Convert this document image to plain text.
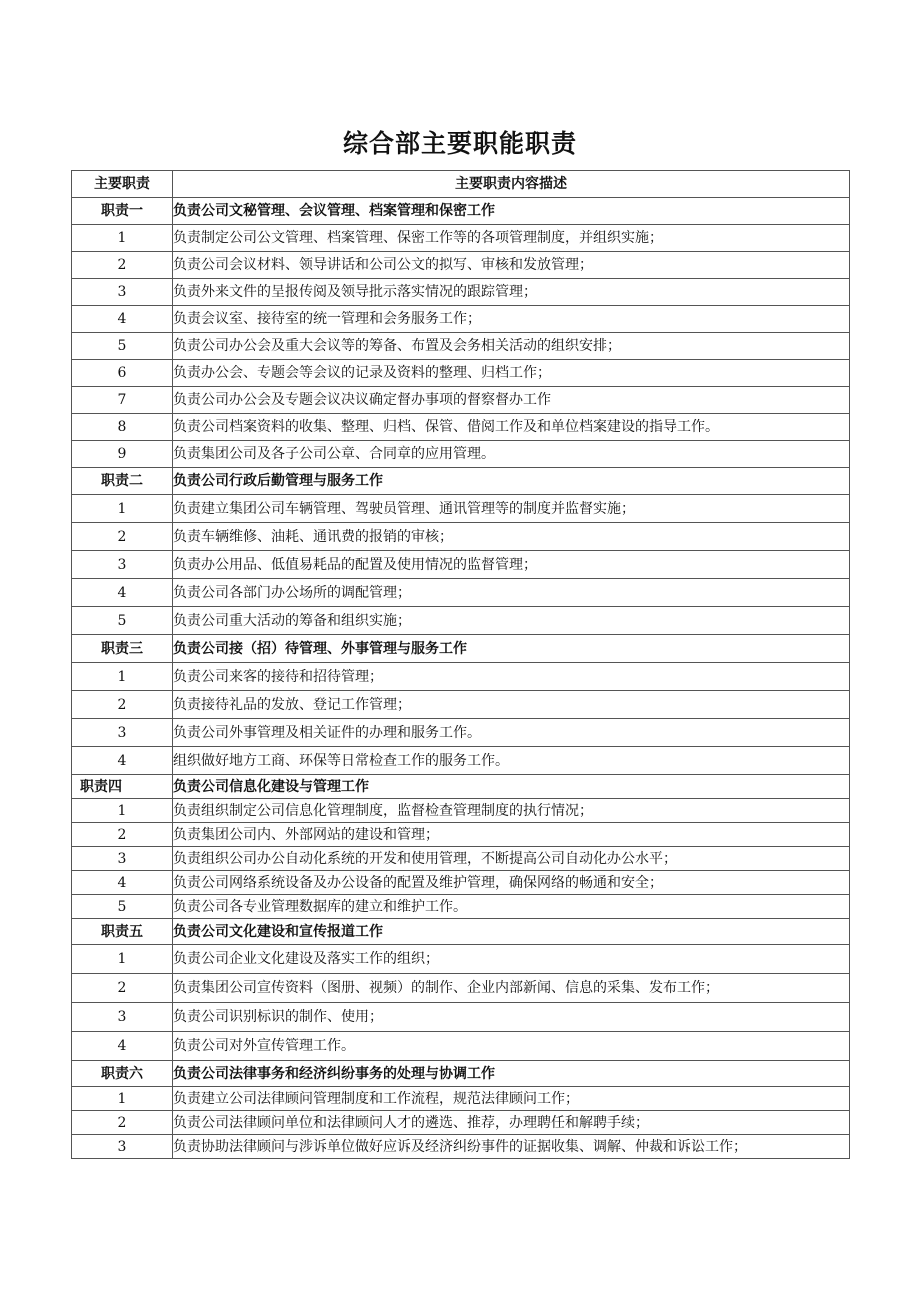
综合部主要职能职责
主要职责	主要职责内容描述
职责一	负责公司文秘管理、会议管理、档案管理和保密工作
1	负责制定公司公文管理、档案管理、保密工作等的各项管理制度，并组织实施；
2	负责公司会议材料、领导讲话和公司公文的拟写、审核和发放管理；
3	负责外来文件的呈报传阅及领导批示落实情况的跟踪管理；
4	负责会议室、接待室的统一管理和会务服务工作；
5	负责公司办公会及重大会议等的筹备、布置及会务相关活动的组织安排；
6	负责办公会、专题会等会议的记录及资料的整理、归档工作；
7	负责公司办公会及专题会议决议确定督办事项的督察督办工作
8	负责公司档案资料的收集、整理、归档、保管、借阅工作及和单位档案建设的指导工作。
9	负责集团公司及各子公司公章、合同章的应用管理。
职责二	负责公司行政后勤管理与服务工作
1	负责建立集团公司车辆管理、驾驶员管理、通讯管理等的制度并监督实施；
2	负责车辆维修、油耗、通讯费的报销的审核；
3	负责办公用品、低值易耗品的配置及使用情况的监督管理；
4	负责公司各部门办公场所的调配管理；
5	负责公司重大活动的筹备和组织实施；
职责三	负责公司接（招）待管理、外事管理与服务工作
1	负责公司来客的接待和招待管理；
2	负责接待礼品的发放、登记工作管理；
3	负责公司外事管理及相关证件的办理和服务工作。
4	组织做好地方工商、环保等日常检查工作的服务工作。
职责四	负责公司信息化建设与管理工作
1	负责组织制定公司信息化管理制度，监督检查管理制度的执行情况；
2	负责集团公司内、外部网站的建设和管理；
3	负责组织公司办公自动化系统的开发和使用管理，不断提高公司自动化办公水平；
4	负责公司网络系统设备及办公设备的配置及维护管理，确保网络的畅通和安全；
5	负责公司各专业管理数据库的建立和维护工作。
职责五	负责公司文化建设和宣传报道工作
1	负责公司企业文化建设及落实工作的组织；
2	负责集团公司宣传资料（图册、视频）的制作、企业内部新闻、信息的采集、发布工作；
3	负责公司识别标识的制作、使用；
4	负责公司对外宣传管理工作。
职责六	负责公司法律事务和经济纠纷事务的处理与协调工作
1	负责建立公司法律顾问管理制度和工作流程，规范法律顾问工作；
2	负责公司法律顾问单位和法律顾问人才的遴选、推荐，办理聘任和解聘手续；
3	负责协助法律顾问与涉诉单位做好应诉及经济纠纷事件的证据收集、调解、仲裁和诉讼工作；
